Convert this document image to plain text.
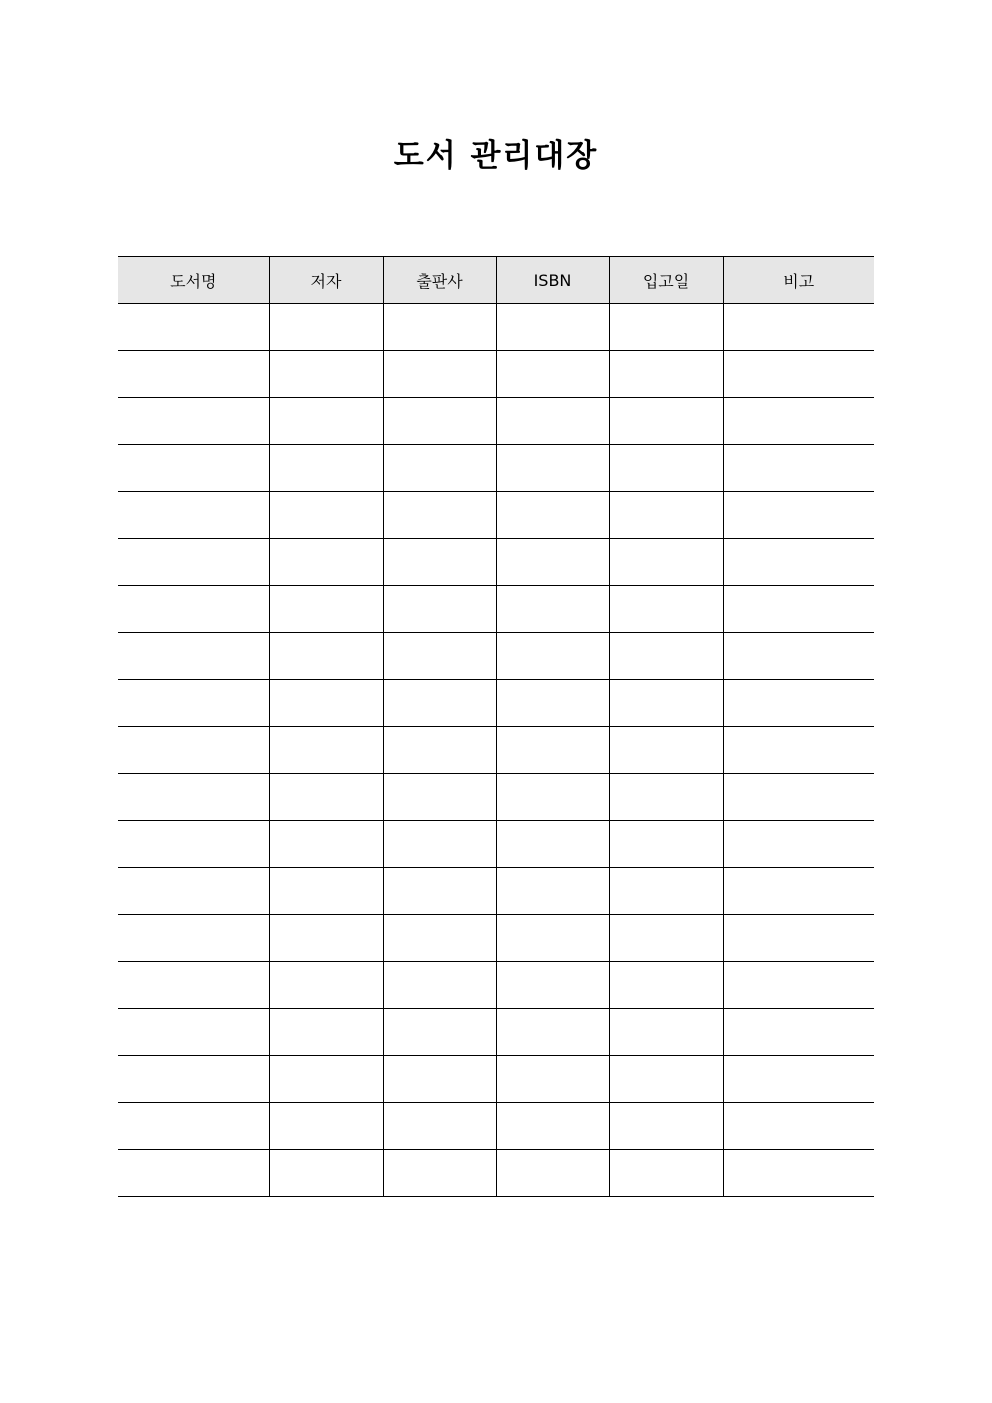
도서 관리대장
도서명	저자	출판사	ISBN	입고일	비고
